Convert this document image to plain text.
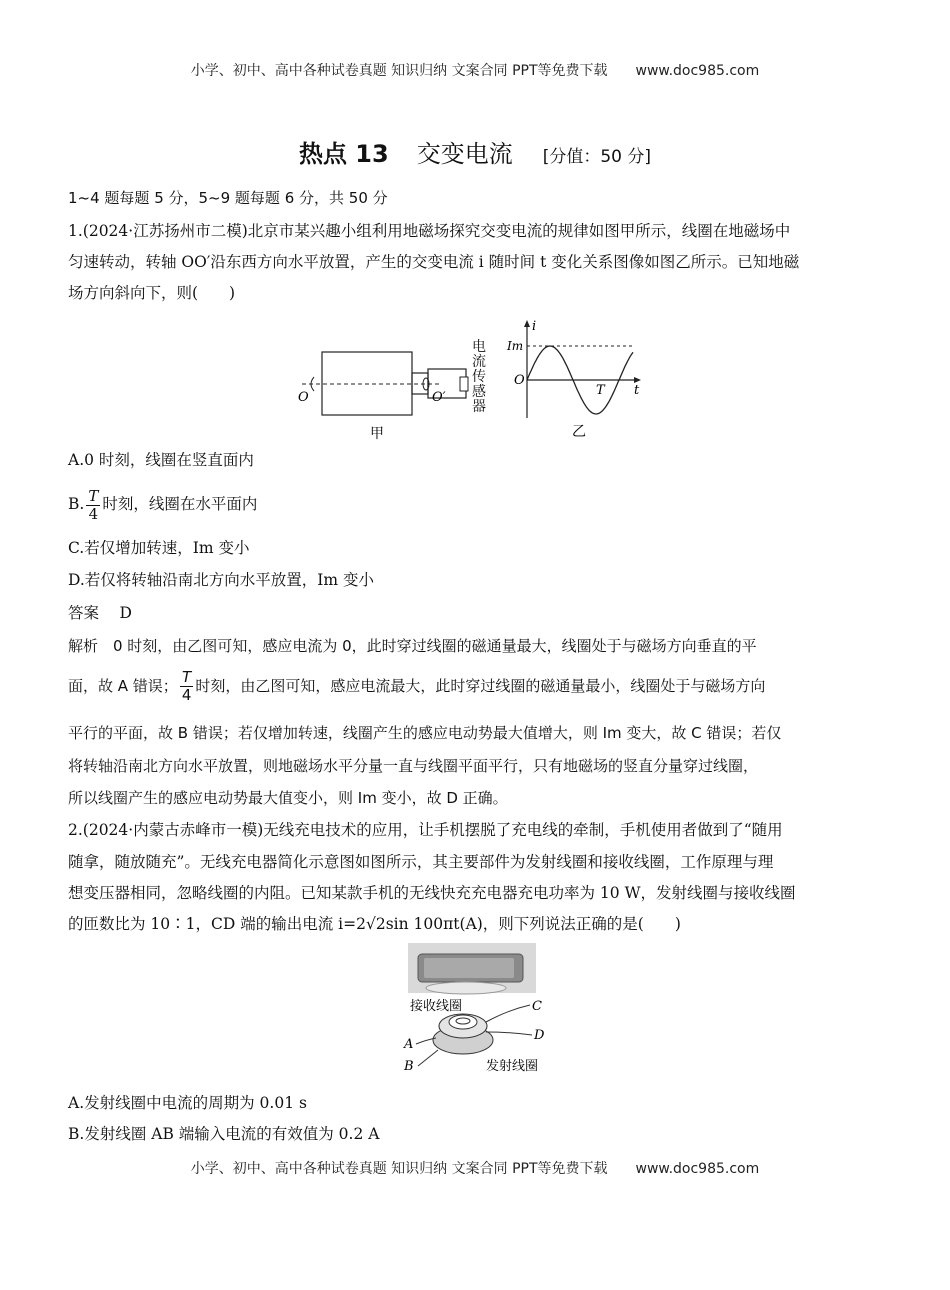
小学、初中、高中各种试卷真题 知识归纳 文案合同 PPT等免费下载 www.doc985.com
热点 13 交变电流 [分值：50 分]
1~4 题每题 5 分，5~9 题每题 6 分，共 50 分
1.(2024·江苏扬州市二模)北京市某兴趣小组利用地磁场探究交变电流的规律如图甲所示，线圈在地磁场中
匀速转动，转轴 OO′沿东西方向水平放置，产生的交变电流 i 随时间 t 变化关系图像如图乙所示。已知地磁
场方向斜向下，则(　　)
O	O′
甲
电流传感器
i
Im
O
t
T
乙
A.0 时刻，线圈在竖直面内
B. $\frac{T}{4}$ 时刻，线圈在水平面内
C.若仅增加转速，Im 变小
D.若仅将转轴沿南北方向水平放置，Im 变小
答案　 D
解析　0 时刻，由乙图可知，感应电流为 0，此时穿过线圈的磁通量最大，线圈处于与磁场方向垂直的平
面，故 A 错误； $\frac{T}{4}$ 时刻，由乙图可知，感应电流最大，此时穿过线圈的磁通量最小，线圈处于与磁场方向
平行的平面，故 B 错误；若仅增加转速，线圈产生的感应电动势最大值增大，则 Im 变大，故 C 错误；若仅
将转轴沿南北方向水平放置，则地磁场水平分量一直与线圈平面平行，只有地磁场的竖直分量穿过线圈，
所以线圈产生的感应电动势最大值变小，则 Im 变小，故 D 正确。
2.(2024·内蒙古赤峰市一模)无线充电技术的应用，让手机摆脱了充电线的牵制，手机使用者做到了“随用
随拿，随放随充”。无线充电器简化示意图如图所示，其主要部件为发射线圈和接收线圈，工作原理与理
想变压器相同，忽略线圈的内阻。已知某款手机的无线快充充电器充电功率为 10 W，发射线圈与接收线圈
的匝数比为 10∶1，CD 端的输出电流 i=2√2sin 100πt(A)，则下列说法正确的是(　　)
C
D
A
B
接收线圈
发射线圈
A.发射线圈中电流的周期为 0.01 s
B.发射线圈 AB 端输入电流的有效值为 0.2 A
小学、初中、高中各种试卷真题 知识归纳 文案合同 PPT等免费下载 www.doc985.com
